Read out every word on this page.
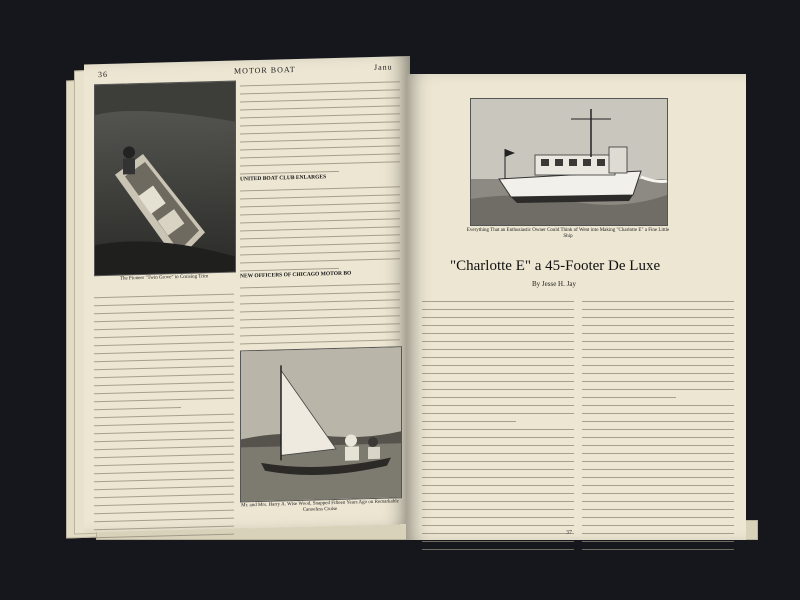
36	MOTOR BOAT	Janu
The Pioneer "Twin Grove" in Cruising Trim
UNITED BOAT CLUB ENLARGES
NEW OFFICERS OF CHICAGO MOTOR BO
Mr. and Mrs. Harry A. Wise Wood, Snapped Fifteen Years Ago on Remarkable Canoeless Cruise
Everything That an Enthusiastic Owner Could Think of Went into Making "Charlotte E" a Fine Little Ship
"Charlotte E" a 45-Footer De Luxe
By Jesse H. Jay
37
